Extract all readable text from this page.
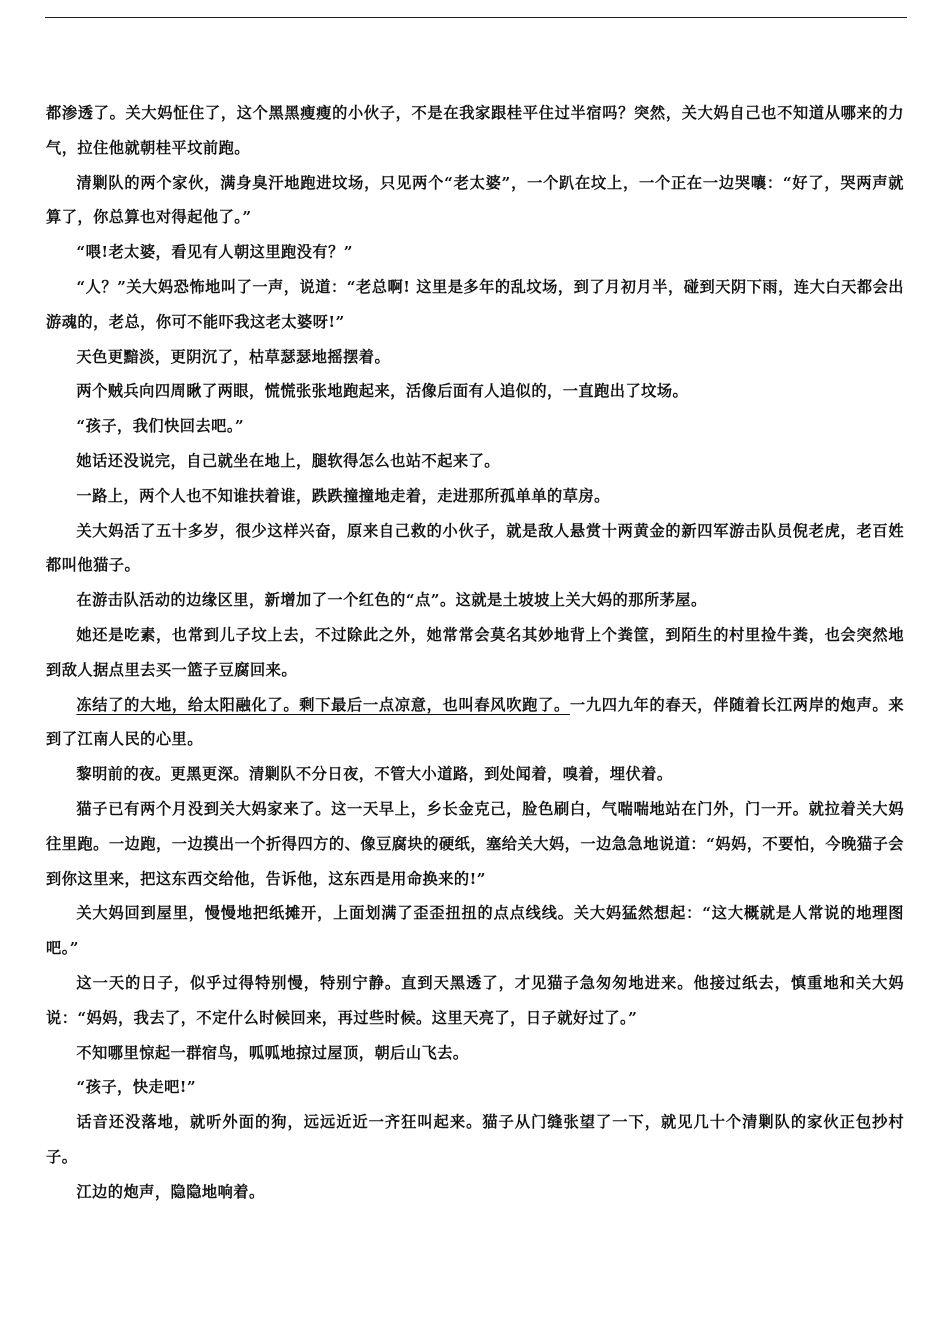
都渗透了。关大妈怔住了，这个黑黑瘦瘦的小伙子，不是在我家跟桂平住过半宿吗？突然，关大妈自己也不知道从哪来的力气，拉住他就朝桂平坟前跑。

清剿队的两个家伙，满身臭汗地跑进坟场，只见两个“老太婆”，一个趴在坟上，一个正在一边哭嚷：“好了，哭两声就算了，你总算也对得起他了。”

“喂!老太婆，看见有人朝这里跑没有？”

“人？”关大妈恐怖地叫了一声，说道：“老总啊! 这里是多年的乱坟场，到了月初月半，碰到天阴下雨，连大白天都会出游魂的，老总，你可不能吓我这老太婆呀!”

天色更黯淡，更阴沉了，枯草瑟瑟地摇摆着。

两个贼兵向四周瞅了两眼，慌慌张张地跑起来，活像后面有人追似的，一直跑出了坟场。

“孩子，我们快回去吧。”

她话还没说完，自己就坐在地上，腿软得怎么也站不起来了。

一路上，两个人也不知谁扶着谁，跌跌撞撞地走着，走进那所孤单单的草房。

关大妈活了五十多岁，很少这样兴奋，原来自己救的小伙子，就是敌人悬赏十两黄金的新四军游击队员倪老虎，老百姓都叫他猫子。

在游击队活动的边缘区里，新增加了一个红色的“点”。这就是土坡坡上关大妈的那所茅屋。

她还是吃素，也常到儿子坟上去，不过除此之外，她常常会莫名其妙地背上个粪筐，到陌生的村里捡牛粪，也会突然地到敌人据点里去买一篮子豆腐回来。

冻结了的大地，给太阳融化了。剩下最后一点凉意，也叫春风吹跑了。一九四九年的春天，伴随着长江两岸的炮声。来到了江南人民的心里。

黎明前的夜。更黑更深。清剿队不分日夜，不管大小道路，到处闻着，嗅着，埋伏着。

猫子已有两个月没到关大妈家来了。这一天早上，乡长金克己，脸色刷白，气喘喘地站在门外，门一开。就拉着关大妈往里跑。一边跑，一边摸出一个折得四方的、像豆腐块的硬纸，塞给关大妈，一边急急地说道：“妈妈，不要怕，今晚猫子会到你这里来，把这东西交给他，告诉他，这东西是用命换来的!”

关大妈回到屋里，慢慢地把纸摊开，上面划满了歪歪扭扭的点点线线。关大妈猛然想起：“这大概就是人常说的地理图吧。”

这一天的日子，似乎过得特别慢，特别宁静。直到天黑透了，才见猫子急匆匆地进来。他接过纸去，慎重地和关大妈说：“妈妈，我去了，不定什么时候回来，再过些时候。这里天亮了，日子就好过了。”

不知哪里惊起一群宿鸟，呱呱地掠过屋顶，朝后山飞去。

“孩子，快走吧!”

话音还没落地，就听外面的狗，远远近近一齐狂叫起来。猫子从门缝张望了一下，就见几十个清剿队的家伙正包抄村子。

江边的炮声，隐隐地响着。
